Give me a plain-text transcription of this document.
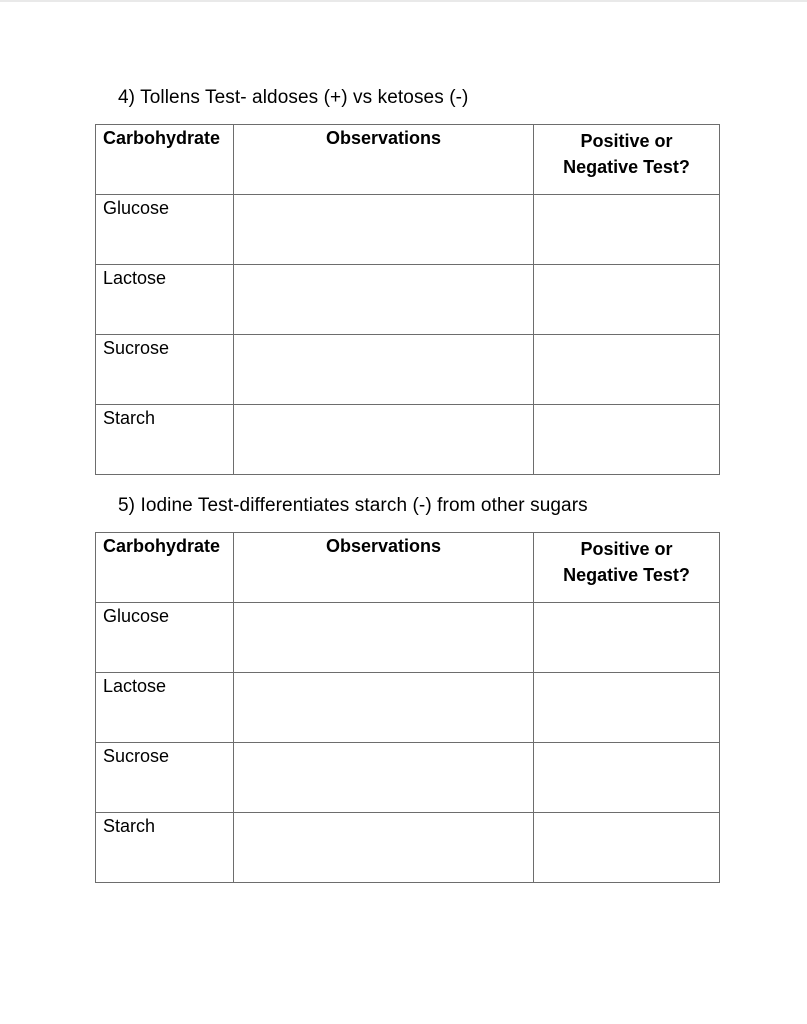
4) Tollens Test- aldoses (+) vs ketoses (-)
Carbohydrate	Observations	Positive or
Negative Test?
Glucose		
Lactose		
Sucrose		
Starch		
5) Iodine Test-differentiates starch (-) from other sugars
Carbohydrate	Observations	Positive or
Negative Test?
Glucose		
Lactose		
Sucrose		
Starch		
